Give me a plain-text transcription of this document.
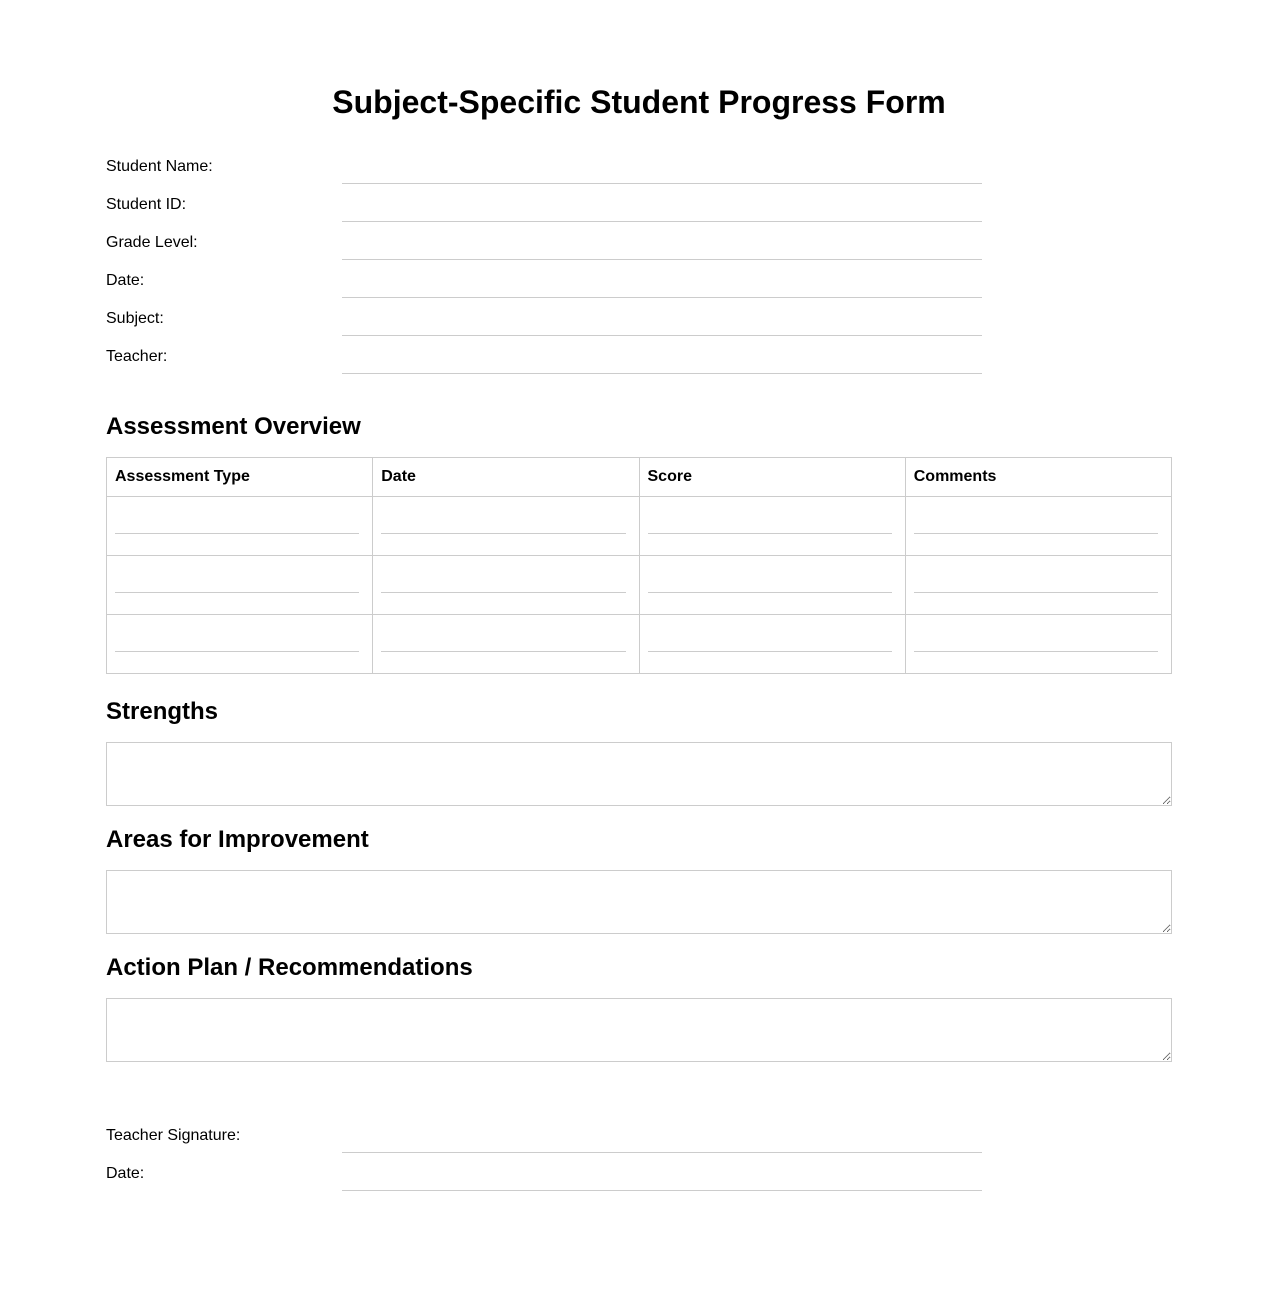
Subject-Specific Student Progress Form
Student Name:
Student ID:
Grade Level:
Date:
Subject:
Teacher:
Assessment Overview
Assessment Type	Date	Score	Comments

Strengths
Areas for Improvement
Action Plan / Recommendations
Teacher Signature:
Date:
